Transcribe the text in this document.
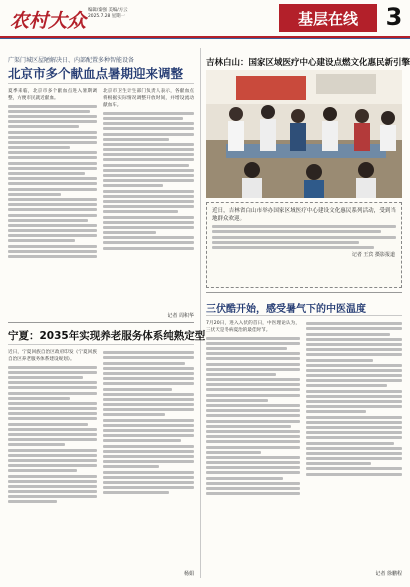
农村大众 编辑/秦强 美编/方云
2025.7.28 星期一	基层在线	3
广渠门城区屋陋解决日、内部配置多种智能设备
北京市多个献血点暑期迎来调整

夏季来临，北京市多个献血点进入暑期调整，方便市民就近献血。

北京市卫生计生部门负责人表示，各献血点将根据实际情况调整开放时间，并增设流动献血车。

记者 周积华
宁夏：2035年实现养老服务体系纯熟定型

近日，宁夏回族自治区政府印发《宁夏回族自治区养老服务体系建设规划》。

杨娟
吉林白山：国家区域医疗中心建设点燃文化惠民新引擎
近日，吉林省白山市举办国家区域医疗中心建设文化惠民系列活动，受到当地群众欢迎。
记者 王宾 摄影报道
三伏酷开始，感受暑气下的中医温度

7月20日，进入入伏的首日，中医理论认为，三伏天是冬病夏治的最佳时节。

记者 徐鹏程
